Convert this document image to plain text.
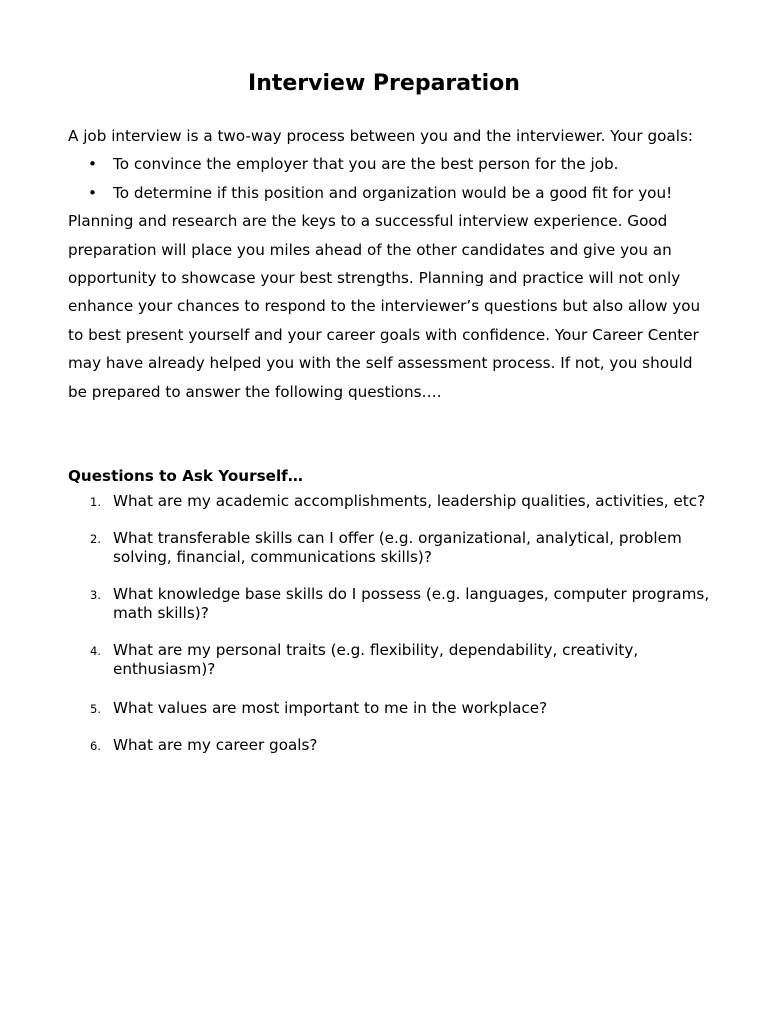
Interview Preparation

A job interview is a two-way process between you and the interviewer. Your goals:

• To convince the employer that you are the best person for the job.
• To determine if this position and organization would be a good fit for you!

Planning and research are the keys to a successful interview experience. Good preparation will place you miles ahead of the other candidates and give you an opportunity to showcase your best strengths. Planning and practice will not only enhance your chances to respond to the interviewer’s questions but also allow you to best present yourself and your career goals with confidence. Your Career Center may have already helped you with the self assessment process. If not, you should be prepared to answer the following questions….

Questions to Ask Yourself…
1. What are my academic accomplishments, leadership qualities, activities, etc?
2. What transferable skills can I offer (e.g. organizational, analytical, problem solving, financial, communications skills)?
3. What knowledge base skills do I possess (e.g. languages, computer programs, math skills)?
4. What are my personal traits (e.g. flexibility, dependability, creativity, enthusiasm)?
5. What values are most important to me in the workplace?
6. What are my career goals?
